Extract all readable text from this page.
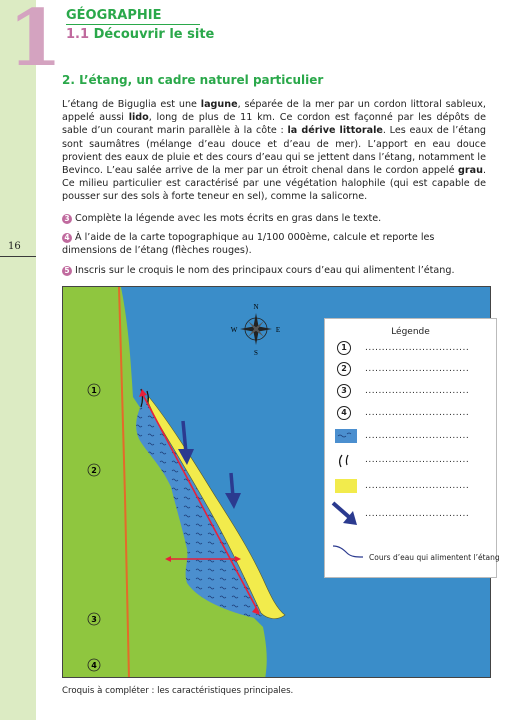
1 GÉOGRAPHIE
1.1 Découvrir le site
16
2. L’étang, un cadre naturel particulier
L’étang de Biguglia est une lagune, séparée de la mer par un cordon littoral sableux, appelé aussi lido, long de plus de 11 km. Ce cordon est façonné par les dépôts de sable d’un courant marin parallèle à la côte : la dérive littorale. Les eaux de l’étang sont saumâtres (mélange d’eau douce et d’eau de mer). L’apport en eau douce provient des eaux de pluie et des cours d’eau qui se jettent dans l’étang, notamment le Bevinco. L’eau salée arrive de la mer par un étroit chenal dans le cordon appelé grau. Ce milieu particulier est caractérisé par une végétation halophile (qui est capable de pousser sur des sols à forte teneur en sel), comme la salicorne.
3 Complète la légende avec les mots écrits en gras dans le texte.
4 À l’aide de la carte topographique au 1/100 000ème, calcule et reporte les dimensions de l’étang (flèches rouges).
5 Inscris sur le croquis le nom des principaux cours d’eau qui alimentent l’étang.
N
S
E
W
1
2
3
4
Légende
1 ...............................
2 ...............................
3 ...............................
4 ...............................
...............................
...............................
...............................
...............................
Cours d’eau qui alimentent l’étang
Croquis à compléter : les caractéristiques principales.
